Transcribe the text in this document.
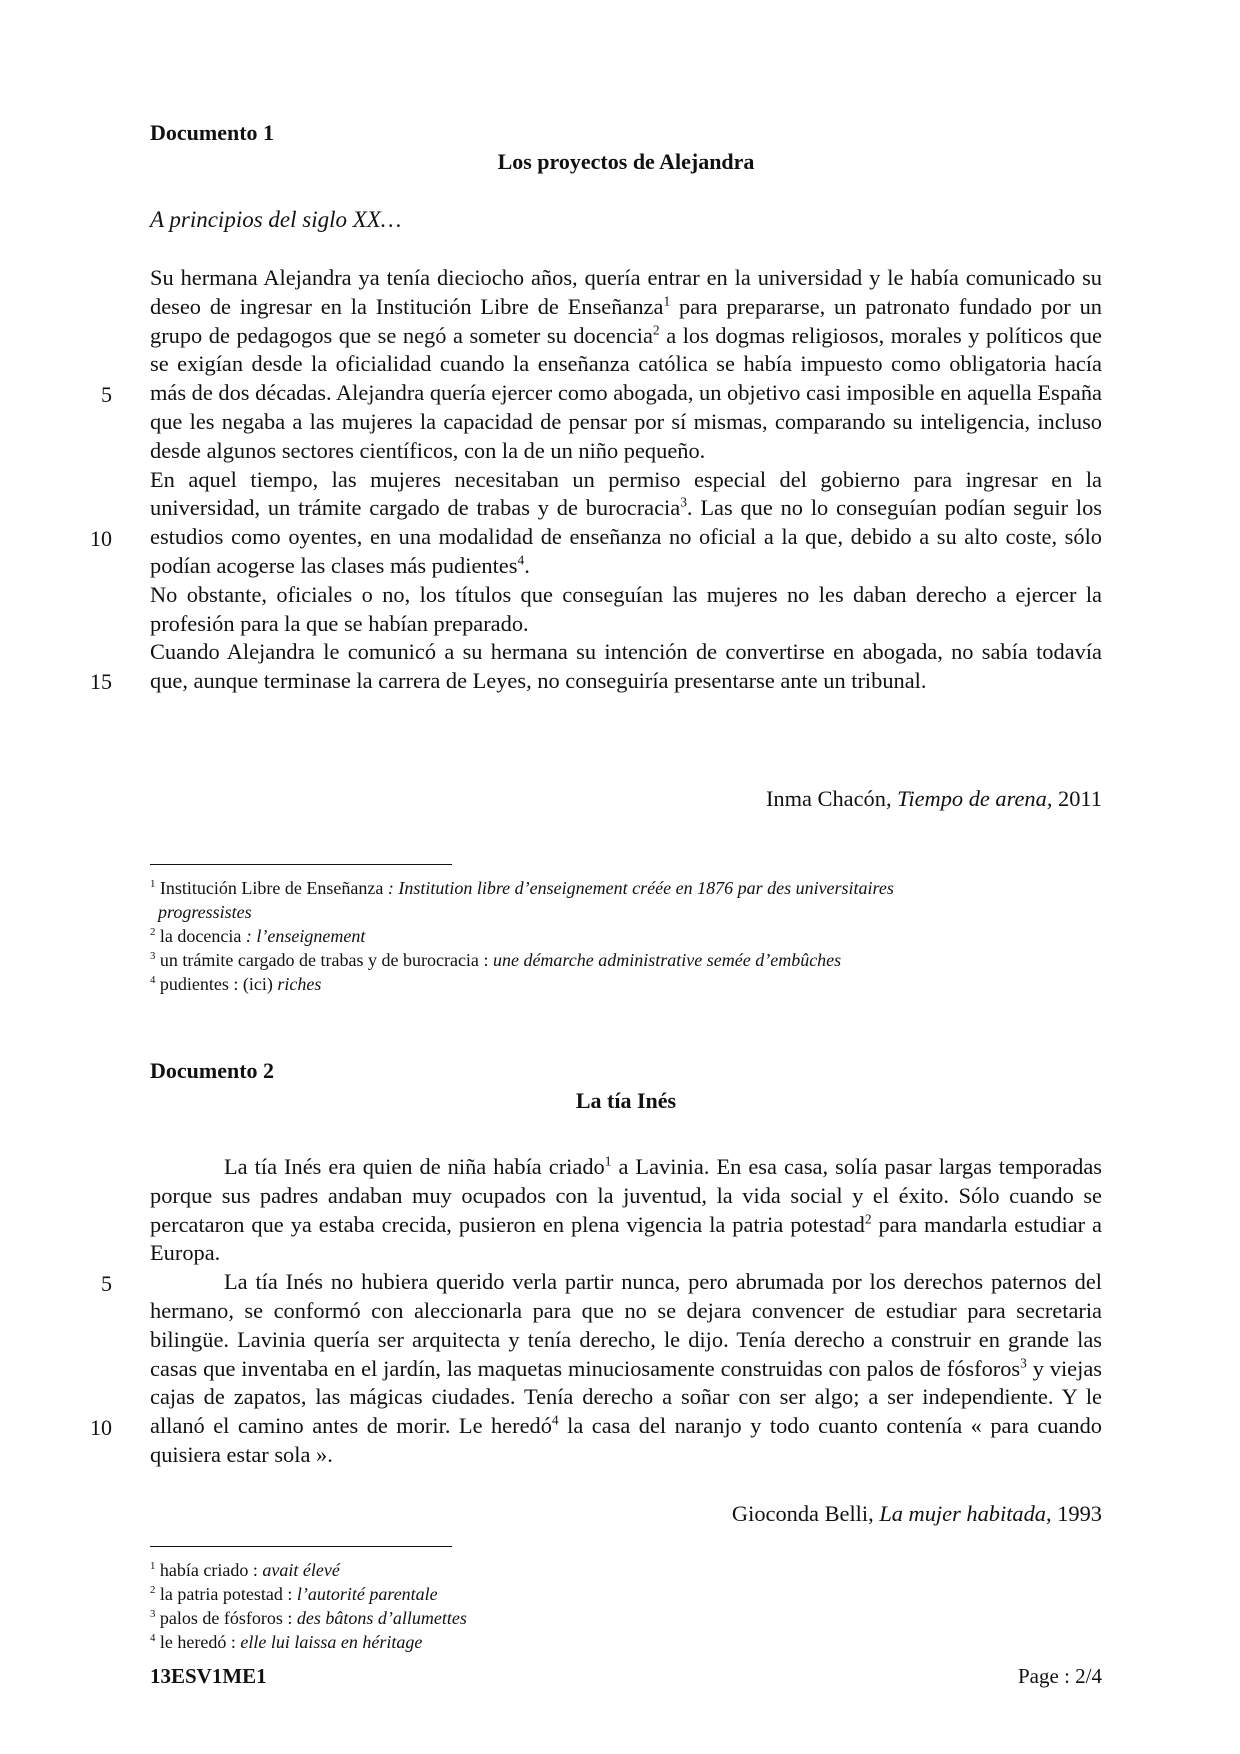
Documento 1
Los proyectos de Alejandra
A principios del siglo XX…

Su hermana Alejandra ya tenía dieciocho años, quería entrar en la universidad y le había comunicado su deseo de ingresar en la Institución Libre de Enseñanza$^1$ para prepararse, un patronato fundado por un grupo de pedagogos que se negó a someter su docencia$^2$ a los dogmas religiosos, morales y políticos que se exigían desde la oficialidad cuando la enseñanza católica se había impuesto como obligatoria hacía más de dos décadas. Alejandra quería ejercer como abogada, un objetivo casi imposible en aquella España que les negaba a las mujeres la capacidad de pensar por sí mismas, comparando su inteligencia, incluso desde algunos sectores científicos, con la de un niño pequeño.

En aquel tiempo, las mujeres necesitaban un permiso especial del gobierno para ingresar en la universidad, un trámite cargado de trabas y de burocracia$^3$. Las que no lo conseguían podían seguir los estudios como oyentes, en una modalidad de enseñanza no oficial a la que, debido a su alto coste, sólo podían acogerse las clases más pudientes$^4$.

No obstante, oficiales o no, los títulos que conseguían las mujeres no les daban derecho a ejercer la profesión para la que se habían preparado.

Cuando Alejandra le comunicó a su hermana su intención de convertirse en abogada, no sabía todavía que, aunque terminase la carrera de Leyes, no conseguiría presentarse ante un tribunal.

5
10
15
Inma Chacón, Tiempo de arena, 2011
$^1$ Institución Libre de Enseñanza : Institution libre d’enseignement créée en 1876 par des universitaires
progressistes
$^2$ la docencia : l’enseignement
$^3$ un trámite cargado de trabas y de burocracia : une démarche administrative semée d’embûches
$^4$ pudientes : (ici) riches
Documento 2
La tía Inés

La tía Inés era quien de niña había criado$^1$ a Lavinia. En esa casa, solía pasar largas temporadas porque sus padres andaban muy ocupados con la juventud, la vida social y el éxito. Sólo cuando se percataron que ya estaba crecida, pusieron en plena vigencia la patria potestad$^2$ para mandarla estudiar a Europa.

La tía Inés no hubiera querido verla partir nunca, pero abrumada por los derechos paternos del hermano, se conformó con aleccionarla para que no se dejara convencer de estudiar para secretaria bilingüe. Lavinia quería ser arquitecta y tenía derecho, le dijo. Tenía derecho a construir en grande las casas que inventaba en el jardín, las maquetas minuciosamente construidas con palos de fósforos$^3$ y viejas cajas de zapatos, las mágicas ciudades. Tenía derecho a soñar con ser algo; a ser independiente. Y le allanó el camino antes de morir. Le heredó$^4$ la casa del naranjo y todo cuanto contenía « para cuando quisiera estar sola ».

5
10
Gioconda Belli, La mujer habitada, 1993
$^1$ había criado : avait élevé
$^2$ la patria potestad : l’autorité parentale
$^3$ palos de fósforos : des bâtons d’allumettes
$^4$ le heredó : elle lui laissa en héritage
13ESV1ME1	Page : 2/4
